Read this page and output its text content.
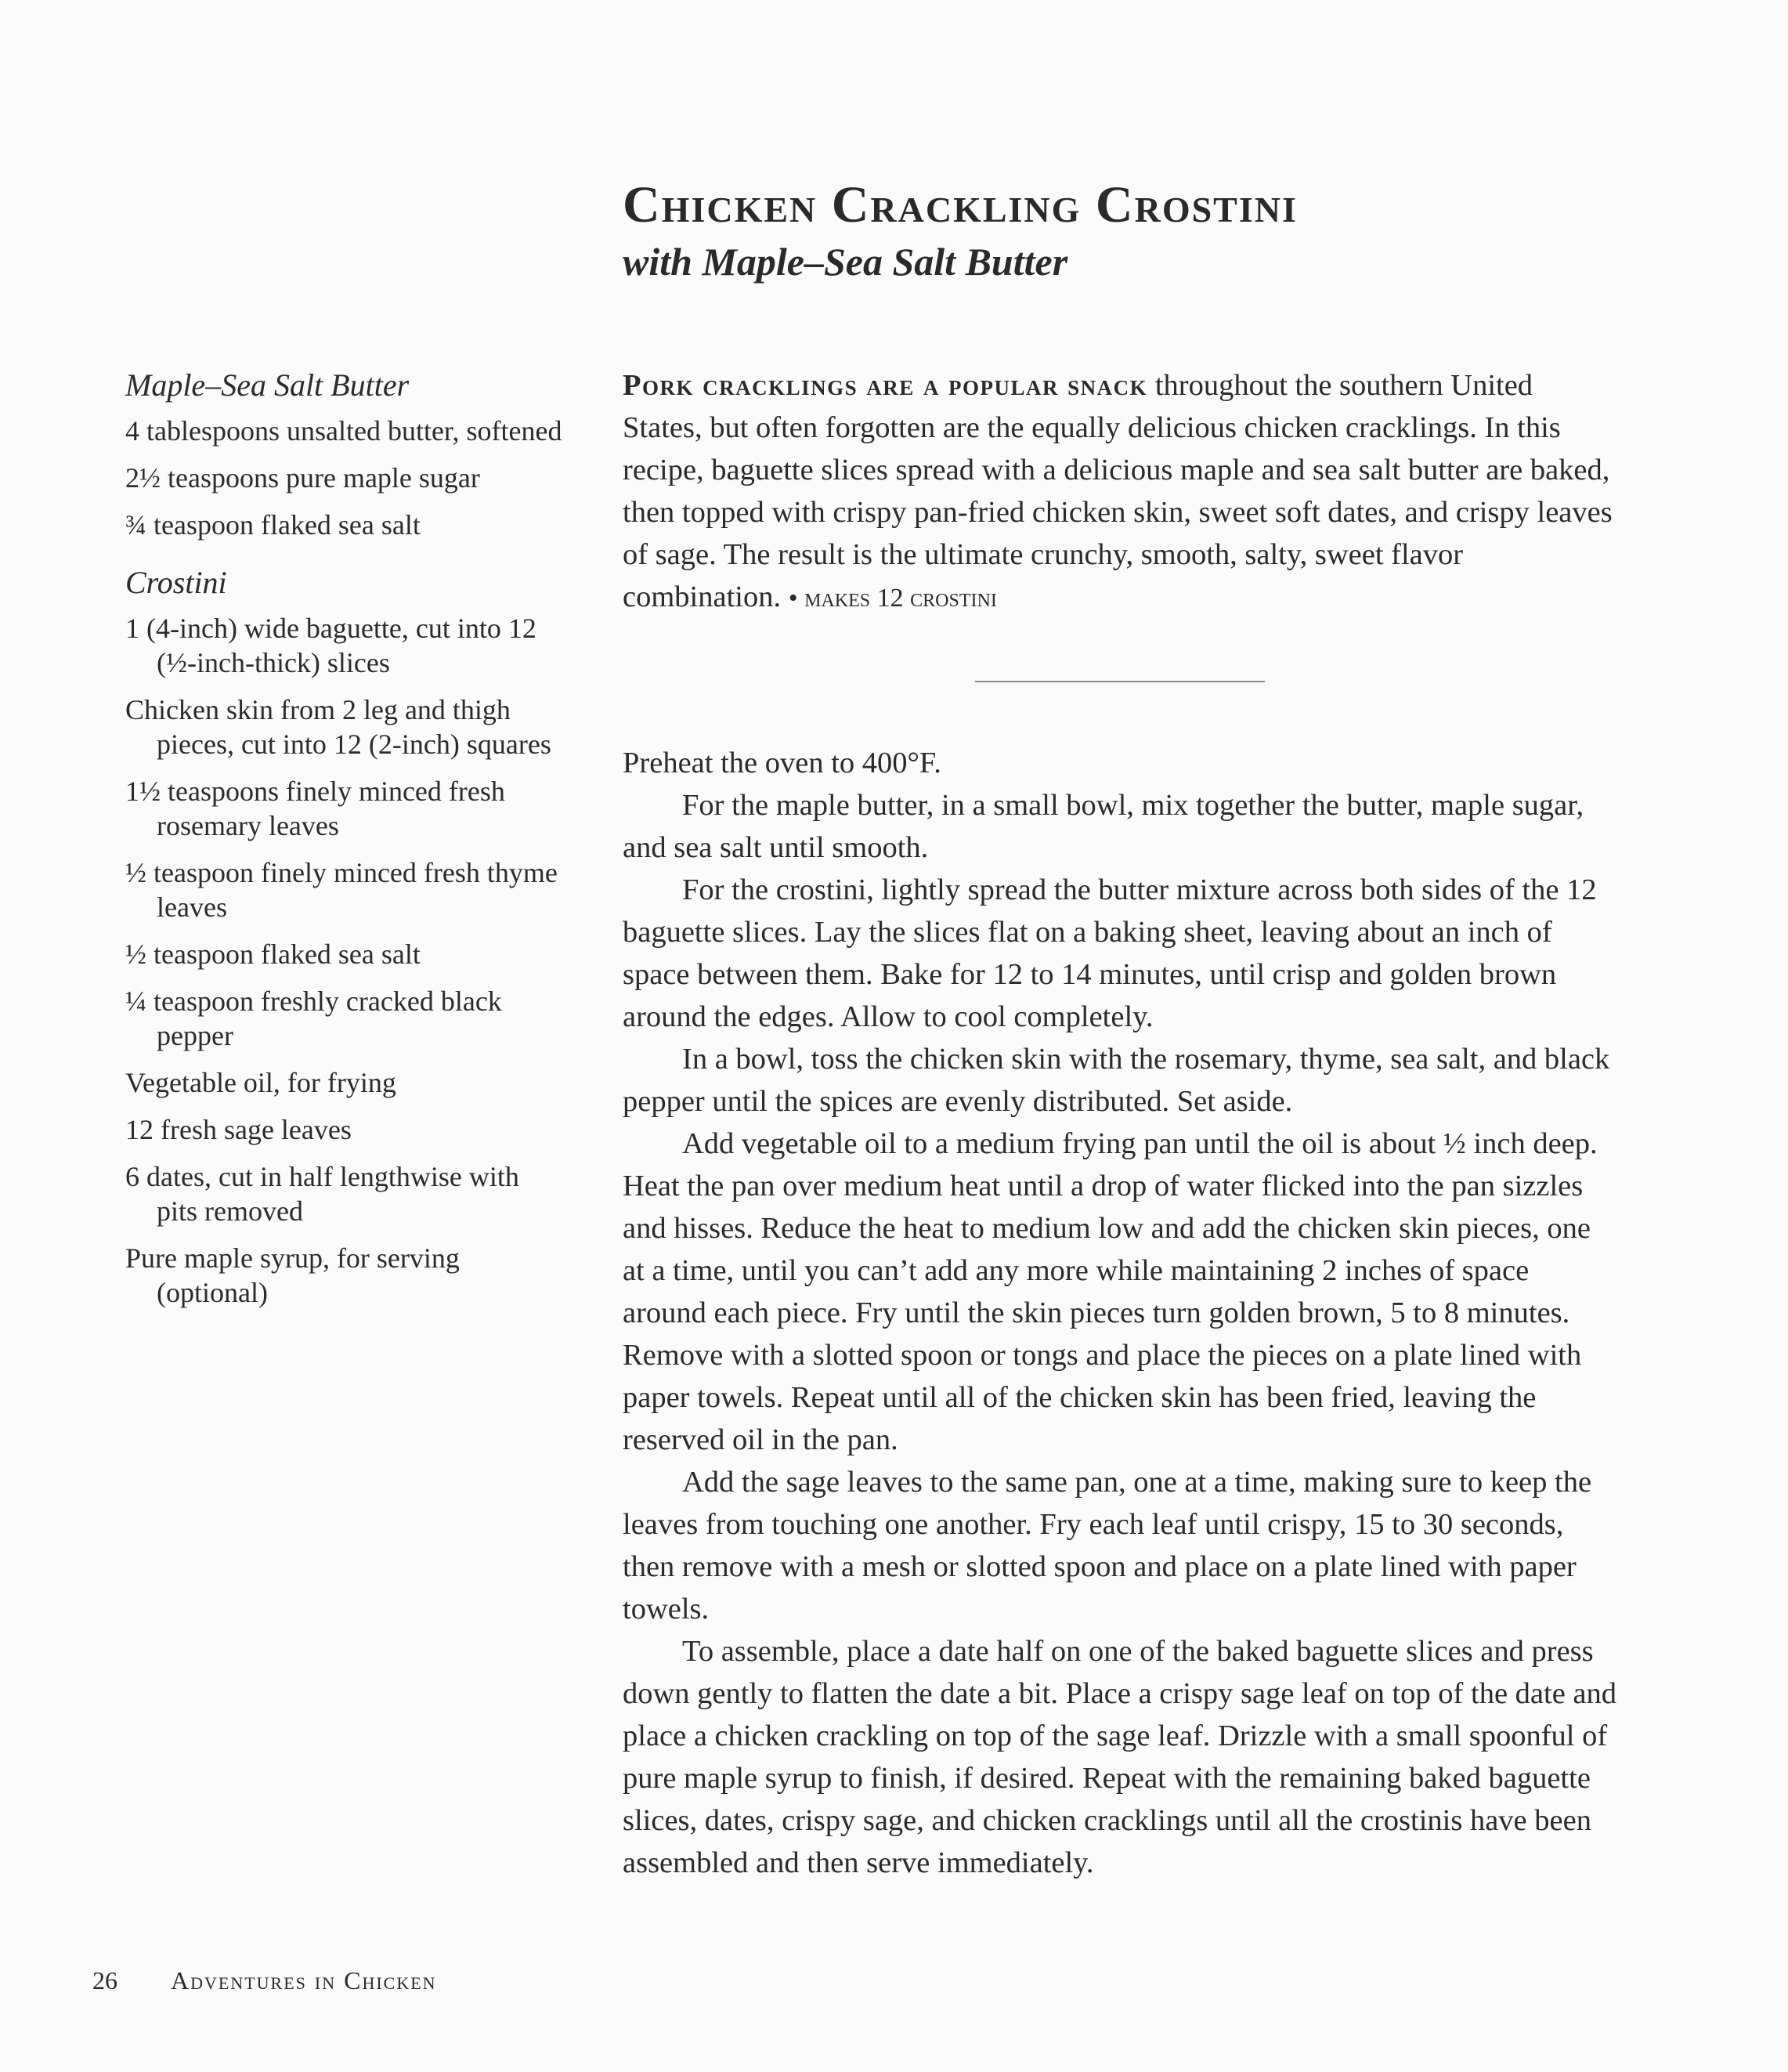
Chicken Crackling Crostini
with Maple–Sea Salt Butter
Maple–Sea Salt Butter
4 tablespoons unsalted butter, softened
2½ teaspoons pure maple sugar
¾ teaspoon flaked sea salt
Crostini
1 (4-inch) wide baguette, cut into 12 (½-inch-thick) slices
Chicken skin from 2 leg and thigh pieces, cut into 12 (2-inch) squares
1½ teaspoons finely minced fresh rosemary leaves
½ teaspoon finely minced fresh thyme leaves
½ teaspoon flaked sea salt
¼ teaspoon freshly cracked black pepper
Vegetable oil, for frying
12 fresh sage leaves
6 dates, cut in half lengthwise with pits removed
Pure maple syrup, for serving (optional)

Pork cracklings are a popular snack throughout the southern United States, but often forgotten are the equally delicious chicken cracklings. In this recipe, baguette slices spread with a delicious maple and sea salt butter are baked, then topped with crispy pan-fried chicken skin, sweet soft dates, and crispy leaves of sage. The result is the ultimate crunchy, smooth, salty, sweet flavor combination. • makes 12 crostini

Preheat the oven to 400°F.

For the maple butter, in a small bowl, mix together the butter, maple sugar, and sea salt until smooth.

For the crostini, lightly spread the butter mixture across both sides of the 12 baguette slices. Lay the slices flat on a baking sheet, leaving about an inch of space between them. Bake for 12 to 14 minutes, until crisp and golden brown around the edges. Allow to cool completely.

In a bowl, toss the chicken skin with the rosemary, thyme, sea salt, and black pepper until the spices are evenly distributed. Set aside.

Add vegetable oil to a medium frying pan until the oil is about ½ inch deep. Heat the pan over medium heat until a drop of water flicked into the pan sizzles and hisses. Reduce the heat to medium low and add the chicken skin pieces, one at a time, until you can’t add any more while maintaining 2 inches of space around each piece. Fry until the skin pieces turn golden brown, 5 to 8 minutes. Remove with a slotted spoon or tongs and place the pieces on a plate lined with paper towels. Repeat until all of the chicken skin has been fried, leaving the reserved oil in the pan.

Add the sage leaves to the same pan, one at a time, making sure to keep the leaves from touching one another. Fry each leaf until crispy, 15 to 30 seconds, then remove with a mesh or slotted spoon and place on a plate lined with paper towels.

To assemble, place a date half on one of the baked baguette slices and press down gently to flatten the date a bit. Place a crispy sage leaf on top of the date and place a chicken crackling on top of the sage leaf. Drizzle with a small spoonful of pure maple syrup to finish, if desired. Repeat with the remaining baked baguette slices, dates, crispy sage, and chicken cracklings until all the crostinis have been assembled and then serve immediately.

26 Adventures in Chicken
